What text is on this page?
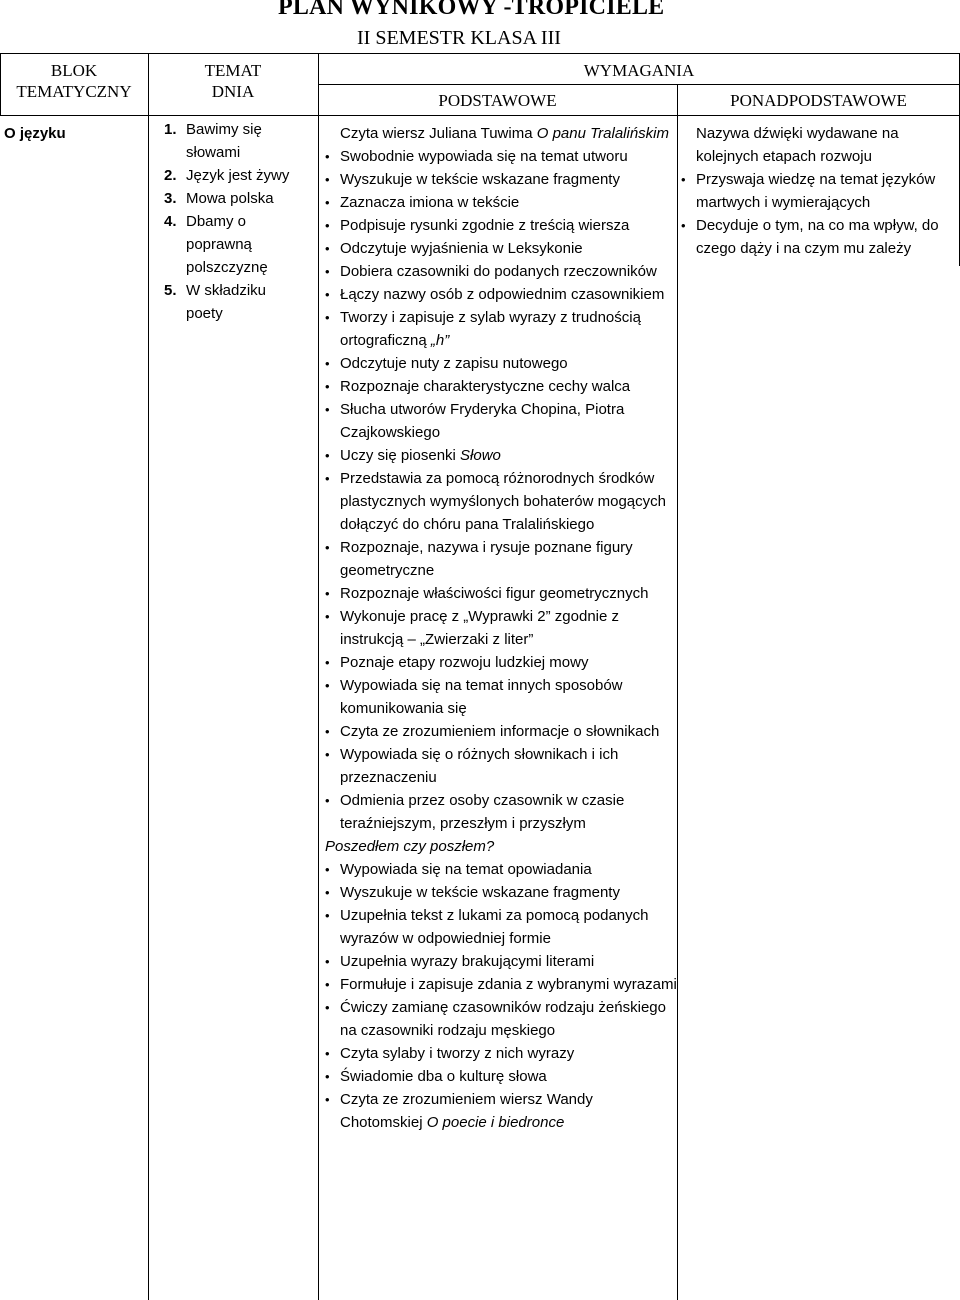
PLAN WYNIKOWY -TROPICIELE
II SEMESTR KLASA III
BLOK
TEMATYCZNY
TEMAT
DNIA
WYMAGANIA
PODSTAWOWE	PONADPODSTAWOWE
O języku	1. Bawimy się słowami
2. Język jest żywy
3. Mowa polska
4. Dbamy o poprawną polszczyznę
5. W składziku poety
Czyta wiersz Juliana Tuwima O panu Tralalińskim
• Swobodnie wypowiada się na temat utworu
• Wyszukuje w tekście wskazane fragmenty
• Zaznacza imiona w tekście
• Podpisuje rysunki zgodnie z treścią wiersza
• Odczytuje wyjaśnienia w Leksykonie
• Dobiera czasowniki do podanych rzeczowników
• Łączy nazwy osób z odpowiednim czasownikiem
• Tworzy i zapisuje z sylab wyrazy z trudnością ortograficzną „h”
• Odczytuje nuty z zapisu nutowego
• Rozpoznaje charakterystyczne cechy walca
• Słucha utworów Fryderyka Chopina, Piotra Czajkowskiego
• Uczy się piosenki Słowo
• Przedstawia za pomocą różnorodnych środków plastycznych wymyślonych bohaterów mogących dołączyć do chóru pana Tralalińskiego
• Rozpoznaje, nazywa i rysuje poznane figury geometryczne
• Rozpoznaje właściwości figur geometrycznych
• Wykonuje pracę z „Wyprawki 2” zgodnie z instrukcją – „Zwierzaki z liter”
• Poznaje etapy rozwoju ludzkiej mowy
• Wypowiada się na temat innych sposobów komunikowania się
• Czyta ze zrozumieniem informacje o słownikach
• Wypowiada się o różnych słownikach i ich przeznaczeniu
• Odmienia przez osoby czasownik w czasie teraźniejszym, przeszłym i przyszłym
Poszedłem czy poszłem?
• Wypowiada się na temat opowiadania
• Wyszukuje w tekście wskazane fragmenty
• Uzupełnia tekst z lukami za pomocą podanych wyrazów w odpowiedniej formie
• Uzupełnia wyrazy brakującymi literami
• Formułuje i zapisuje zdania z wybranymi wyrazami
• Ćwiczy zamianę czasowników rodzaju żeńskiego na czasowniki rodzaju męskiego
• Czyta sylaby i tworzy z nich wyrazy
• Świadomie dba o kulturę słowa
• Czyta ze zrozumieniem wiersz Wandy Chotomskiej O poecie i biedronce
Nazywa dźwięki wydawane na kolejnych etapach rozwoju
• Przyswaja wiedzę na temat języków martwych i wymierających
• Decyduje o tym, na co ma wpływ, do czego dąży i na czym mu zależy
